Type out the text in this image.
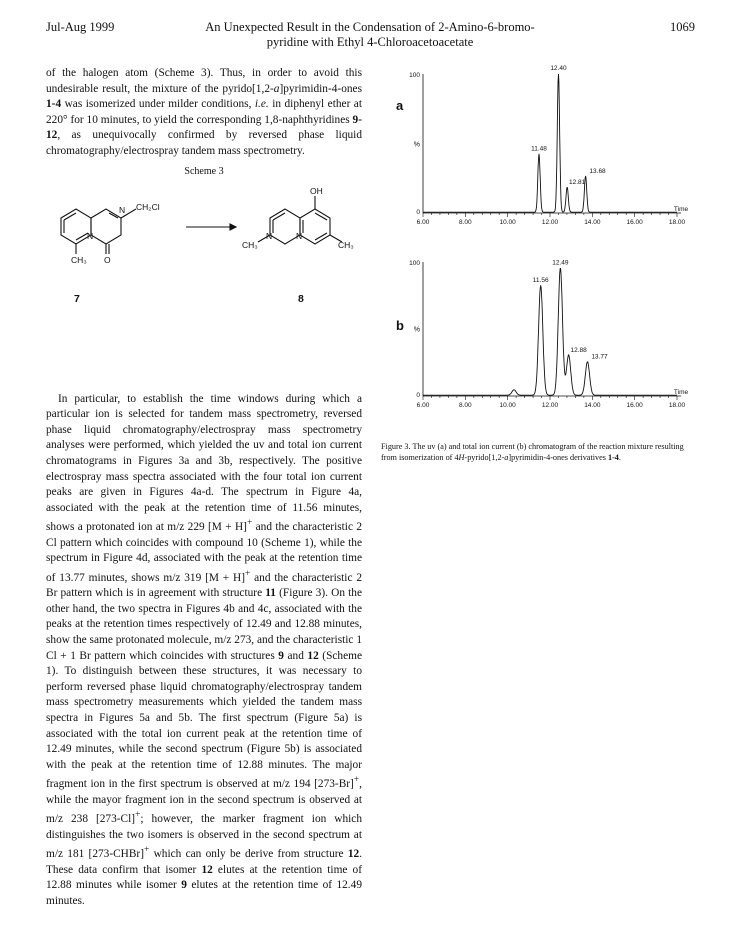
Jul-Aug 1999	An Unexpected Result in the Condensation of 2-Amino-6-bromo-
pyridine with Ethyl 4-Chloroacetoacetate
1069

of the halogen atom (Scheme 3). Thus, in order to avoid this undesirable result, the mixture of the pyrido[1,2-a]pyrimidin-4-ones 1-4 was isomerized under milder conditions, i.e. in diphenyl ether at 220° for 10 minutes, to yield the corresponding 1,8-naphthyridines 9-12, as unequivocally confirmed by reversed phase liquid chromatography/electrospray tandem mass spectrometry.

Scheme 3
N
N
CH₂Cl
CH₃ O
OH
N
N
CH₃	CH₃
7	8

In particular, to establish the time windows during which a particular ion is selected for tandem mass spectrometry, reversed phase liquid chromatography/electrospray mass spectrometry analyses were performed, which yielded the uv and total ion current chromatograms in Figures 3a and 3b, respectively. The positive electrospray mass spectra associated with the four total ion current peaks are given in Figures 4a-d. The spectrum in Figure 4a, associated with the peak at the retention time of 11.56 minutes, shows a protonated ion at m/z 229 [M + H]+ and the characteristic 2 Cl pattern which coincides with compound 10 (Scheme 1), while the spectrum in Figure 4d, associated with the peak at the retention time of 13.77 minutes, shows m/z 319 [M + H]+ and the characteristic 2 Br pattern which is in agreement with structure 11 (Figure 3). On the other hand, the two spectra in Figures 4b and 4c, associated with the peaks at the retention times respectively of 12.49 and 12.88 minutes, show the same protonated molecule, m/z 273, and the characteristic 1 Cl + 1 Br pattern which coincides with structures 9 and 12 (Scheme 1). To distinguish between these structures, it was necessary to perform reversed phase liquid chromatography/electrospray tandem mass spectrometry measurements which yielded the tandem mass spectra in Figures 5a and 5b. The first spectrum (Figure 5a) is associated with the total ion current peak at the retention time of 12.49 minutes, while the second spectrum (Figure 5b) is associated with the peak at the retention time of 12.88 minutes. The major fragment ion in the first spectrum is observed at m/z 194 [273-Br]+, while the mayor fragment ion in the second spectrum is observed at m/z 238 [273-Cl]+; however, the marker fragment ion which distinguishes the two isomers is observed in the second spectrum at m/z 181 [273-CHBr]+ which can only be derive from structure 12. These data confirm that isomer 12 elutes at the retention time of 12.88 minutes while isomer 9 elutes at the retention time of 12.49 minutes.

a
100
%
0
6.00	8.00	10.00	12.00	14.00	16.00	18.00
Time
11.48
12.40
12.81
13.68
b
100
%
0
6.00	8.00	10.00	12.00	14.00	16.00	18.00
Time
11.56
12.49
12.88
13.77
Figure 3. The uv (a) and total ion current (b) chromatogram of the reaction mixture resulting from isomerization of 4H-pyrido[1,2-a]pyrimidin-4-ones derivatives 1-4.
